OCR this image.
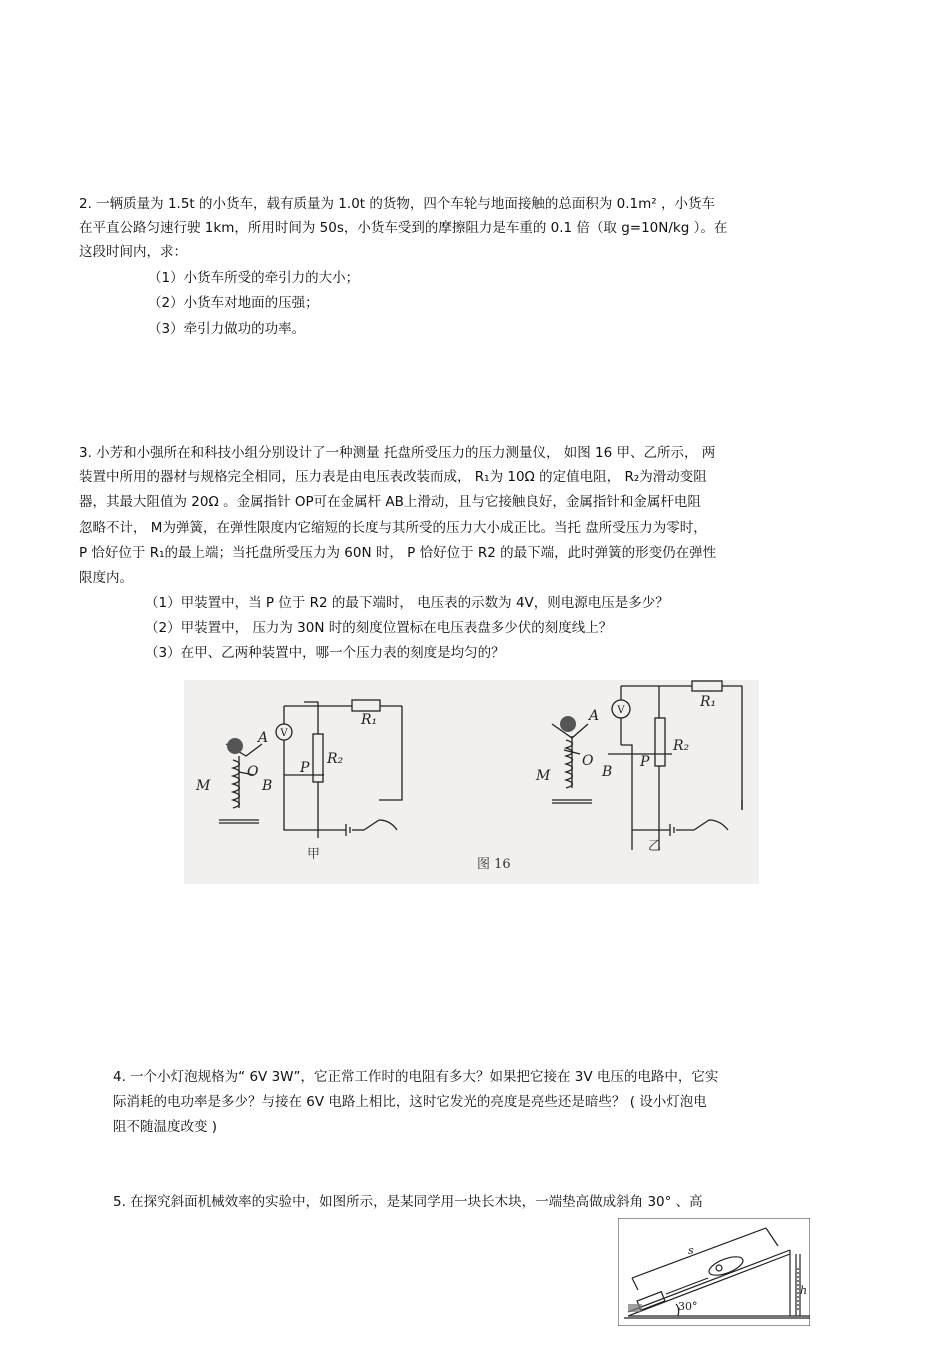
2. 一辆质量为 1.5t 的小货车，载有质量为 1.0t 的货物，四个车轮与地面接触的总面积为 0.1m² ，小货车
在平直公路匀速行驶 1km，所用时间为 50s，小货车受到的摩擦阻力是车重的 0.1 倍（取 g=10N/kg ）。在
这段时间内，求：
（1）小货车所受的牵引力的大小；
（2）小货车对地面的压强；
（3）牵引力做功的功率。
3. 小芳和小强所在和科技小组分别设计了一种测量 托盘所受压力的压力测量仪， 如图 16 甲、乙所示， 两
装置中所用的器材与规格完全相同，压力表是由电压表改装而成， R₁为 10Ω 的定值电阻， R₂为滑动变阻
器，其最大阻值为 20Ω 。金属指针 OP可在金属杆 AB上滑动，且与它接触良好，金属指针和金属杆电阻
忽略不计， M为弹簧，在弹性限度内它缩短的长度与其所受的压力大小成正比。当托 盘所受压力为零时，
P 恰好位于 R₁的最上端；当托盘所受压力为 60N 时， P 恰好位于 R2 的最下端，此时弹簧的形变仍在弹性
限度内。
（1）甲装置中，当 P 位于 R2 的最下端时， 电压表的示数为 4V，则电源电压是多少？
（2）甲装置中， 压力为 30N 时的刻度位置标在电压表盘多少伏的刻度线上？
（3）在甲、乙两种装置中，哪一个压力表的刻度是均匀的？
V
R₁
R₂
A
O
B
P
M
V
R₁
R₂
A
O
B
P
M
甲
图 16
乙
4. 一个小灯泡规格为“ 6V 3W”，它正常工作时的电阻有多大？如果把它接在 3V 电压的电路中，它实
际消耗的电功率是多少？与接在 6V 电路上相比，这时它发光的亮度是亮些还是暗些？ ( 设小灯泡电
阻不随温度改变 )
5. 在探究斜面机械效率的实验中，如图所示，是某同学用一块长木块，一端垫高做成斜角 30° 、高
s
h
30°
